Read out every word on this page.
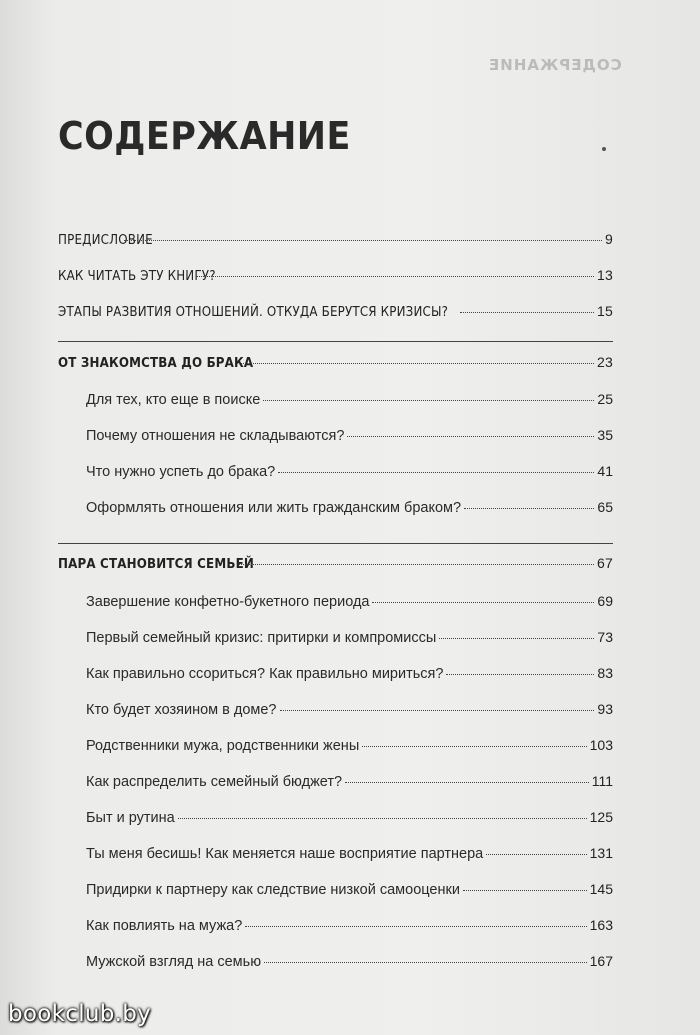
СОДЕРЖАНИЕ
СОДЕРЖАНИЕ
ПРЕДИСЛОВИЕ	9
КАК ЧИТАТЬ ЭТУ КНИГУ?	13
ЭТАПЫ РАЗВИТИЯ ОТНОШЕНИЙ. ОТКУДА БЕРУТСЯ КРИЗИСЫ?	15
ОТ ЗНАКОМСТВА ДО БРАКА	23
Для тех, кто еще в поиске	25
Почему отношения не складываются?	35
Что нужно успеть до брака?	41
Оформлять отношения или жить гражданским браком?	65
ПАРА СТАНОВИТСЯ СЕМЬЕЙ	67
Завершение конфетно-букетного периода	69
Первый семейный кризис: притирки и компромиссы	73
Как правильно ссориться? Как правильно мириться?	83
Кто будет хозяином в доме?	93
Родственники мужа, родственники жены	103
Как распределить семейный бюджет?	111
Быт и рутина	125
Ты меня бесишь! Как меняется наше восприятие партнера	131
Придирки к партнеру как следствие низкой самооценки	145
Как повлиять на мужа?	163
Мужской взгляд на семью	167
bookclub.by
